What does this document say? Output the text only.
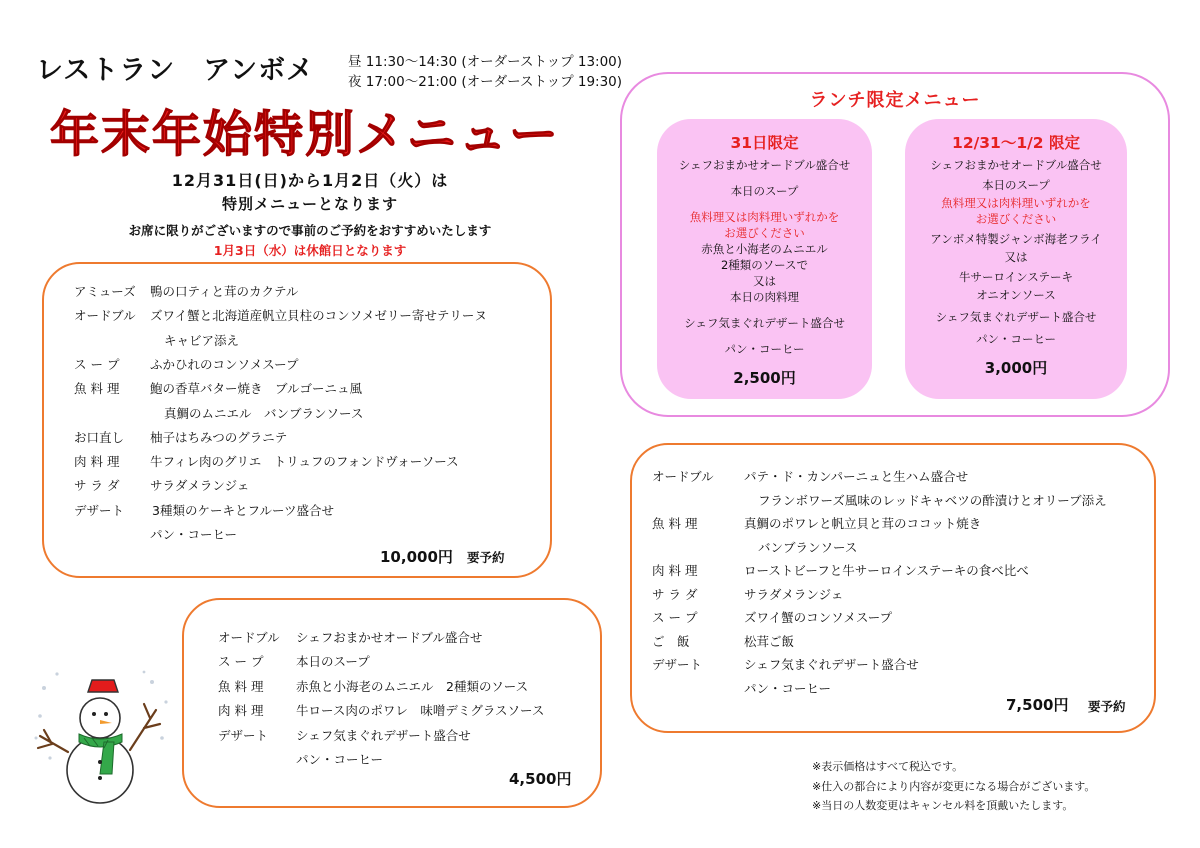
レストラン　アンボメ	昼 11:30～14:30 (オーダーストップ 13:00)
夜 17:00～21:00 (オーダーストップ 19:30)
年末年始特別メニュー
12月31日(日)から1月2日（火）は
特別メニューとなります
お席に限りがございますので事前のご予約をおすすめいたします
1月3日（水）は休館日となります
アミューズ 鴨の口ティと茸のカクテル
オードブル ズワイ蟹と北海道産帆立貝柱のコンソメゼリー寄せテリーヌ
キャビア添え
ス ー プ ふかひれのコンソメスープ
魚 料 理 鮑の香草バター焼き　ブルゴーニュ風
真鯛のムニエル　バンブランソース
お口直し 柚子はちみつのグラニテ
肉 料 理 牛フィレ肉のグリエ　トリュフのフォンドヴォーソース
サ ラ ダ サラダメランジェ
デザート 3種類のケーキとフルーツ盛合せ
パン・コーヒー
10,000円 要予約
オードブル シェフおまかせオードブル盛合せ
ス ー プ	本日のスープ
魚 料 理	赤魚と小海老のムニエル　2種類のソース
肉 料 理	牛ロース肉のポワレ　味噌デミグラスソース
デザート シェフ気まぐれデザート盛合せ
パン・コーヒー
4,500円
ランチ限定メニュー
31日限定
シェフおまかせオードブル盛合せ
本日のスープ
魚料理又は肉料理いずれかを
お選びください
赤魚と小海老のムニエル
2種類のソースで
又は
本日の肉料理
シェフ気まぐれデザート盛合せ
パン・コーヒー
2,500円
12/31～1/2 限定
シェフおまかせオードブル盛合せ
本日のスープ
魚料理又は肉料理いずれかを
お選びください
アンボメ特製ジャンボ海老フライ
又は
牛サーロインステーキ
オニオンソース
シェフ気まぐれデザート盛合せ
パン・コーヒー
3,000円
オードブル パテ・ド・カンパーニュと生ハム盛合せ
フランボワーズ風味のレッドキャベツの酢漬けとオリーブ添え
魚 料 理	真鯛のポワレと帆立貝と茸のココット焼き
バンブランソース
肉 料 理	ローストビーフと牛サーロインステーキの食べ比べ
サ ラ ダ	サラダメランジェ
ス ー プ	ズワイ蟹のコンソメスープ
ご　飯	松茸ご飯
デザート	シェフ気まぐれデザート盛合せ
パン・コーヒー
7,500円 要予約
※表示価格はすべて税込です。
※仕入の都合により内容が変更になる場合がございます。
※当日の人数変更はキャンセル料を頂戴いたします。
